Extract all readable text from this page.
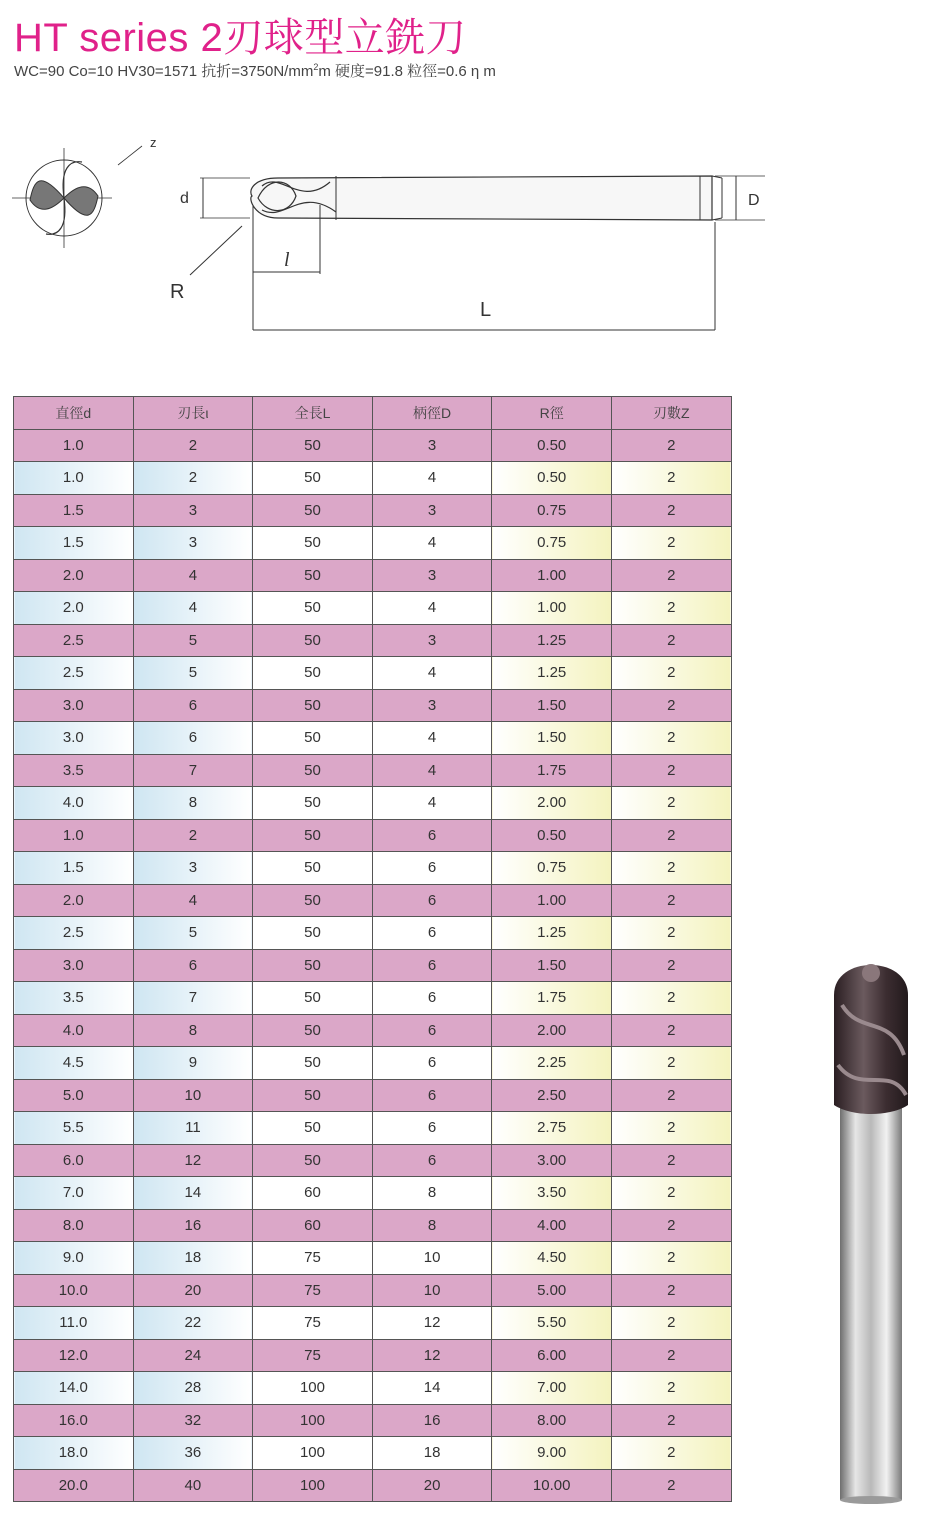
HT series 2刃球型立銑刀
WC=90 Co=10 HV30=1571 抗折$=3750N/mm^2m$ 硬度=91.8 粒徑=0.6 η m
z
d	D
l
R
L
直徑d	刃長ι	全長L	柄徑D	R徑	刃數Z
1.0	2	50	3	0.50	2
1.0	2	50	4	0.50	2
1.5	3	50	3	0.75	2
1.5	3	50	4	0.75	2
2.0	4	50	3	1.00	2
2.0	4	50	4	1.00	2
2.5	5	50	3	1.25	2
2.5	5	50	4	1.25	2
3.0	6	50	3	1.50	2
3.0	6	50	4	1.50	2
3.5	7	50	4	1.75	2
4.0	8	50	4	2.00	2
1.0	2	50	6	0.50	2
1.5	3	50	6	0.75	2
2.0	4	50	6	1.00	2
2.5	5	50	6	1.25	2
3.0	6	50	6	1.50	2
3.5	7	50	6	1.75	2
4.0	8	50	6	2.00	2
4.5	9	50	6	2.25	2
5.0	10	50	6	2.50	2
5.5	11	50	6	2.75	2
6.0	12	50	6	3.00	2
7.0	14	60	8	3.50	2
8.0	16	60	8	4.00	2
9.0	18	75	10	4.50	2
10.0	20	75	10	5.00	2
11.0	22	75	12	5.50	2
12.0	24	75	12	6.00	2
14.0	28	100	14	7.00	2
16.0	32	100	16	8.00	2
18.0	36	100	18	9.00	2
20.0	40	100	20	10.00	2
